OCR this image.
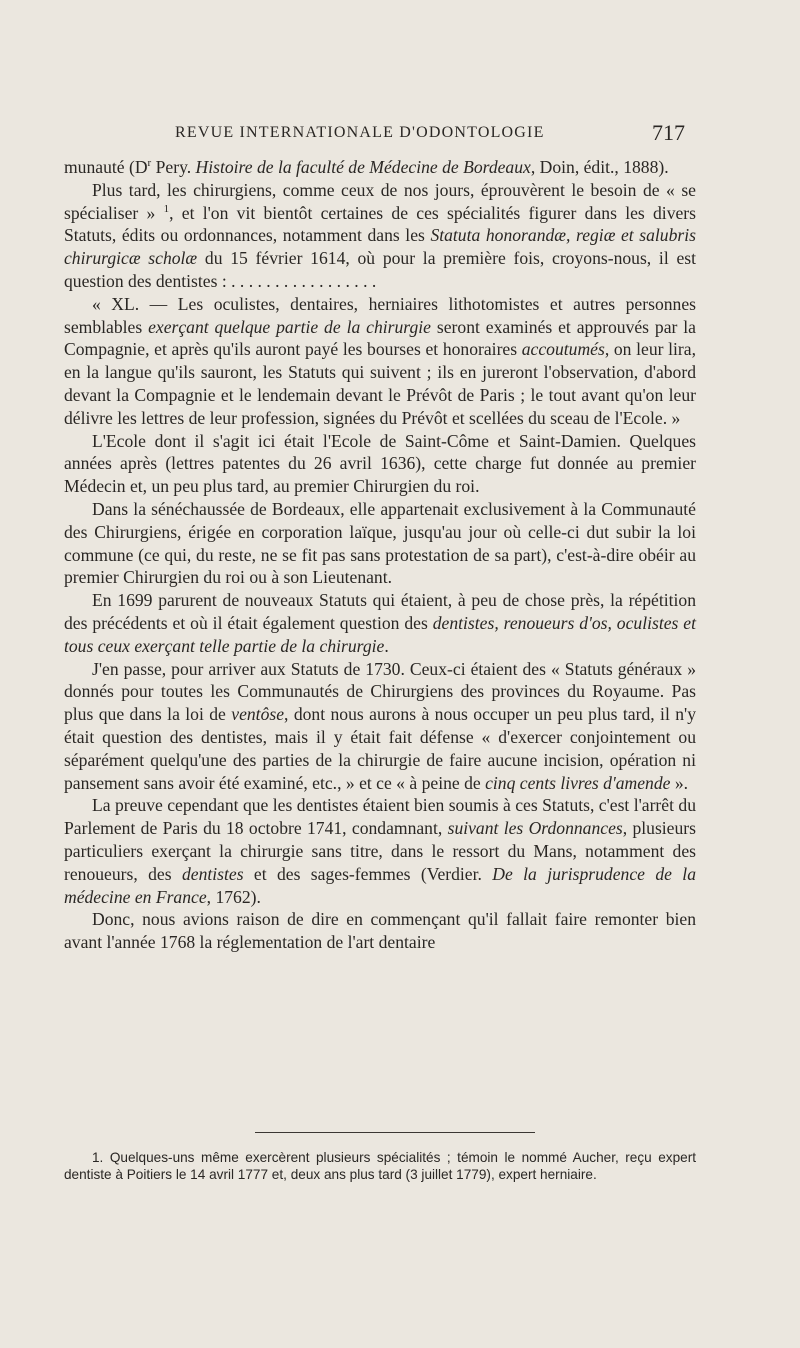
REVUE INTERNATIONALE D'ODONTOLOGIE	717

munauté ($D^r$ Pery. Histoire de la faculté de Médecine de Bordeaux, Doin, édit., 1888).

Plus tard, les chirurgiens, comme ceux de nos jours, éprouvèrent le besoin de « se spécialiser » $^1$, et l'on vit bientôt certaines de ces spécialités figurer dans les divers Statuts, édits ou ordonnances, notamment dans les Statuta honorandæ, regiæ et salubris chirurgicæ scholæ du 15 février 1614, où pour la première fois, croyons-nous, il est question des dentistes : . . . . . . . . . . . . . . . . .

« XL. — Les oculistes, dentaires, herniaires lithotomistes et autres personnes semblables exerçant quelque partie de la chirurgie seront examinés et approuvés par la Compagnie, et après qu'ils auront payé les bourses et honoraires accoutumés, on leur lira, en la langue qu'ils sauront, les Statuts qui suivent ; ils en jureront l'observation, d'abord devant la Compagnie et le lendemain devant le Prévôt de Paris ; le tout avant qu'on leur délivre les lettres de leur profession, signées du Prévôt et scellées du sceau de l'Ecole. »

L'Ecole dont il s'agit ici était l'Ecole de Saint-Côme et Saint-Damien. Quelques années après (lettres patentes du 26 avril 1636), cette charge fut donnée au premier Médecin et, un peu plus tard, au premier Chirurgien du roi.

Dans la sénéchaussée de Bordeaux, elle appartenait exclusivement à la Communauté des Chirurgiens, érigée en corporation laïque, jusqu'au jour où celle-ci dut subir la loi commune (ce qui, du reste, ne se fit pas sans protestation de sa part), c'est-à-dire obéir au premier Chirurgien du roi ou à son Lieutenant.

En 1699 parurent de nouveaux Statuts qui étaient, à peu de chose près, la répétition des précédents et où il était également question des dentistes, renoueurs d'os, oculistes et tous ceux exerçant telle partie de la chirurgie.

J'en passe, pour arriver aux Statuts de 1730. Ceux-ci étaient des « Statuts généraux » donnés pour toutes les Communautés de Chirurgiens des provinces du Royaume. Pas plus que dans la loi de ventôse, dont nous aurons à nous occuper un peu plus tard, il n'y était question des dentistes, mais il y était fait défense « d'exercer conjointement ou séparément quelqu'une des parties de la chirurgie de faire aucune incision, opération ni pansement sans avoir été examiné, etc., » et ce « à peine de cinq cents livres d'amende ».

La preuve cependant que les dentistes étaient bien soumis à ces Statuts, c'est l'arrêt du Parlement de Paris du 18 octobre 1741, condamnant, suivant les Ordonnances, plusieurs particuliers exerçant la chirurgie sans titre, dans le ressort du Mans, notamment des renoueurs, des dentistes et des sages-femmes (Verdier. De la jurisprudence de la médecine en France, 1762).

Donc, nous avions raison de dire en commençant qu'il fallait faire remonter bien avant l'année 1768 la réglementation de l'art dentaire

1. Quelques-uns même exercèrent plusieurs spécialités ; témoin le nommé Aucher, reçu expert dentiste à Poitiers le 14 avril 1777 et, deux ans plus tard (3 juillet 1779), expert herniaire.
